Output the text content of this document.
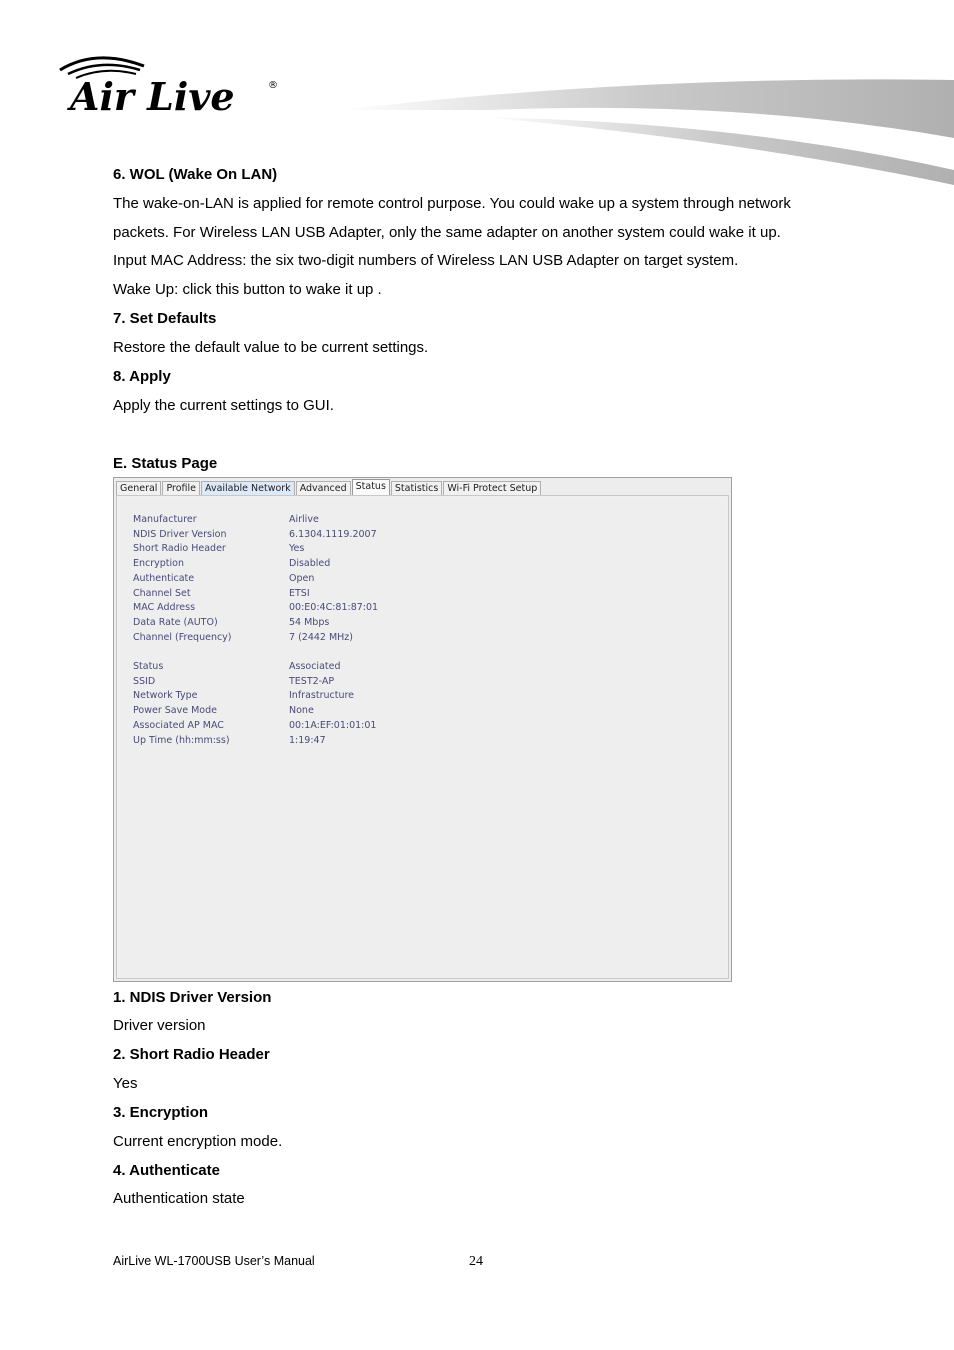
Air Live	®
6. WOL (Wake On LAN)
The wake-on-LAN is applied for remote control purpose. You could wake up a system through network
packets. For Wireless LAN USB Adapter, only the same adapter on another system could wake it up.
Input MAC Address: the six two-digit numbers of Wireless LAN USB Adapter on target system.
Wake Up: click this button to wake it up .
7. Set Defaults
Restore the default value to be current settings.
8. Apply
Apply the current settings to GUI.
E. Status Page
General Profile Available Network Advanced Status Statistics Wi-Fi Protect Setup
Manufacturer	Airlive
NDIS Driver Version	6.1304.1119.2007
Short Radio Header	Yes
Encryption	Disabled
Authenticate	Open
Channel Set	ETSI
MAC Address	00:E0:4C:81:87:01
Data Rate (AUTO)	54 Mbps
Channel (Frequency)	7 (2442 MHz)
Status	Associated
SSID	TEST2-AP
Network Type	Infrastructure
Power Save Mode	None
Associated AP MAC	00:1A:EF:01:01:01
Up Time (hh:mm:ss)	1:19:47
1. NDIS Driver Version
Driver version
2. Short Radio Header
Yes
3. Encryption
Current encryption mode.
4. Authenticate
Authentication state
AirLive WL-1700USB User’s Manual	24
